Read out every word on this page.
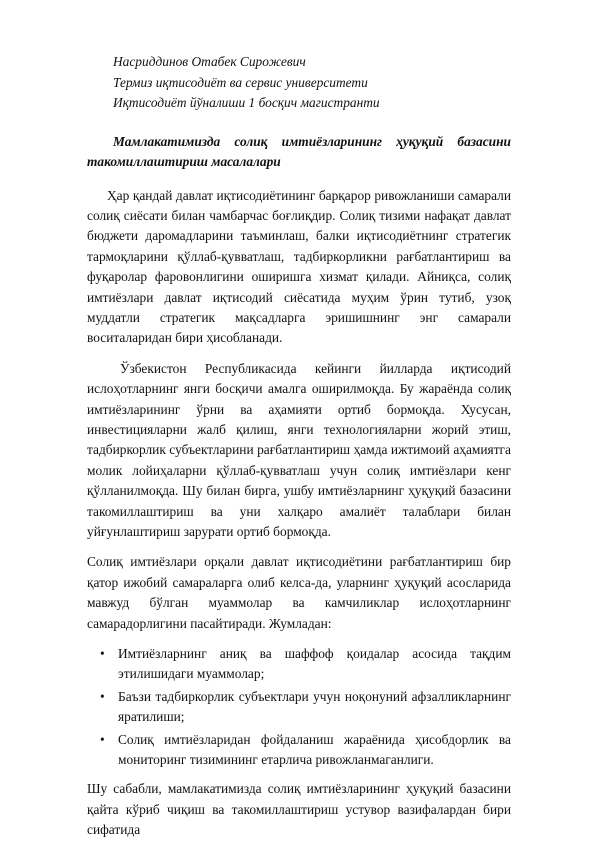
Насриддинов Отабек Сирожевич
Термиз иқтисодиёт ва сервис университети
Иқтисодиёт йўналиши 1 босқич магистранти
Мамлакатимизда солиқ имтиёзларининг ҳуқуқий базасини
такомиллаштириш масалалари

Ҳар қандай давлат иқтисодиётининг барқарор ривожланиши самарали солиқ сиёсати билан чамбарчас боғлиқдир. Солиқ тизими нафақат давлат бюджети даромадларини таъминлаш, балки иқтисодиётнинг стратегик тармоқларини қўллаб-қувватлаш, тадбиркорликни рағбатлантириш ва фуқаролар фаровонлигини оширишга хизмат қилади. Айниқса, солиқ имтиёзлари давлат иқтисодий сиёсатида муҳим ўрин тутиб, узоқ муддатли стратегик мақсадларга эришишнинг энг самарали воситаларидан бири ҳисобланади.

Ўзбекистон Республикасида кейинги йилларда иқтисодий ислоҳотларнинг янги босқичи амалга оширилмоқда. Бу жараёнда солиқ имтиёзларининг ўрни ва аҳамияти ортиб бормоқда. Хусусан, инвестицияларни жалб қилиш, янги технологияларни жорий этиш, тадбиркорлик субъектларини рағбатлантириш ҳамда ижтимоий аҳамиятга молик лойиҳаларни қўллаб-қувватлаш учун солиқ имтиёзлари кенг қўлланилмоқда. Шу билан бирга, ушбу имтиёзларнинг ҳуқуқий базасини такомиллаштириш ва уни халқаро амалиёт талаблари билан уйғунлаштириш зарурати ортиб бормоқда.

Солиқ имтиёзлари орқали давлат иқтисодиётини рағбатлантириш бир қатор ижобий самараларга олиб келса-да, уларнинг ҳуқуқий асосларида мавжуд бўлган муаммолар ва камчиликлар ислоҳотларнинг самарадорлигини пасайтиради. Жумладан:

• Имтиёзларнинг аниқ ва шаффоф қоидалар асосида тақдим этилишидаги муаммолар;
• Баъзи тадбиркорлик субъектлари учун ноқонуний афзалликларнинг яратилиши;
• Солиқ имтиёзларидан фойдаланиш жараёнида ҳисобдорлик ва мониторинг тизимининг етарлича ривожланмаганлиги.

Шу сабабли, мамлакатимизда солиқ имтиёзларининг ҳуқуқий базасини қайта кўриб чиқиш ва такомиллаштириш устувор вазифалардан бири сифатида
